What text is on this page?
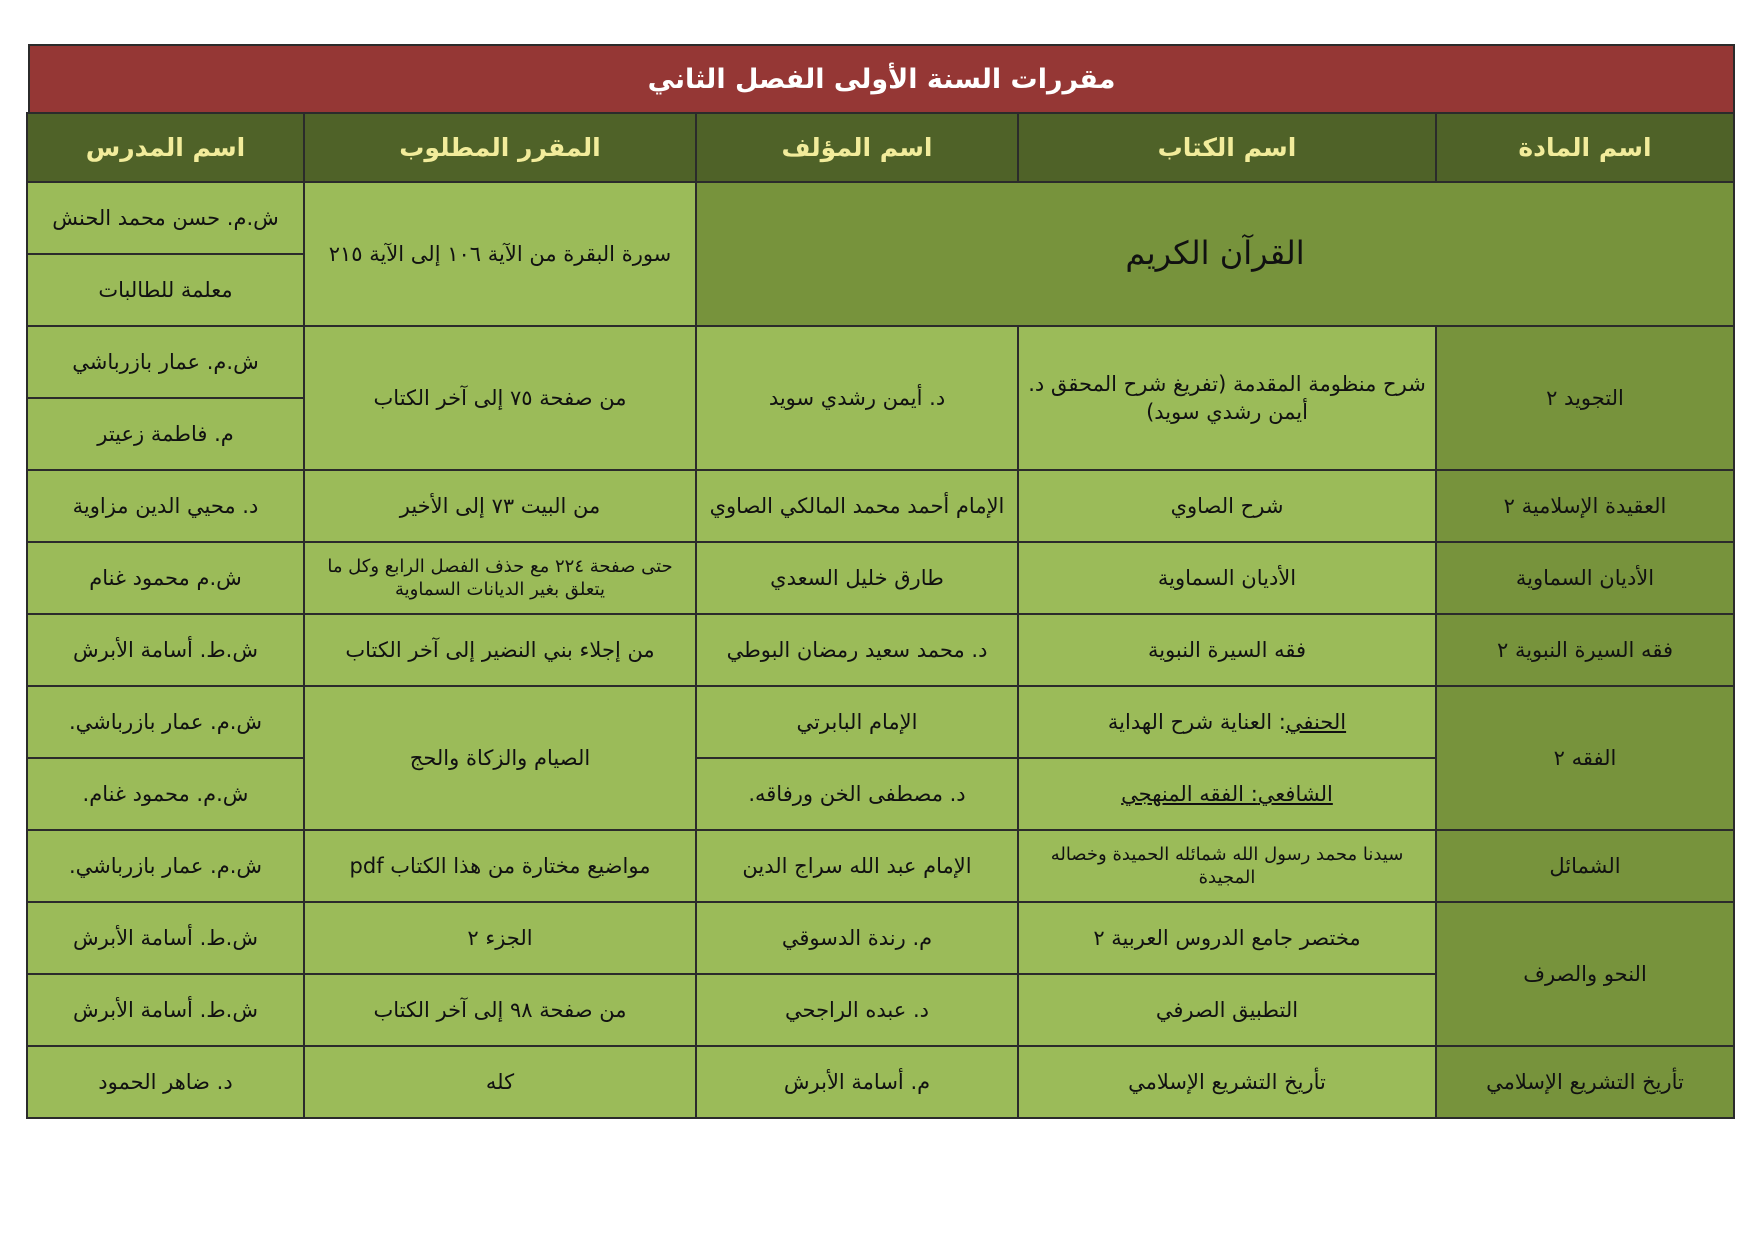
مقررات السنة الأولى الفصل الثاني
اسم المادة	اسم الكتاب	اسم المؤلف	المقرر المطلوب	اسم المدرس
القرآن الكريم			سورة البقرة من الآية ١٠٦ إلى الآية ٢١٥	ش.م. حسن محمد الحنش
				معلمة للطالبات
التجويد ٢	شرح منظومة المقدمة (تفريغ شرح المحقق د. أيمن رشدي سويد)	د. أيمن رشدي سويد	من صفحة ٧٥ إلى آخر الكتاب	ش.م. عمار بازرباشي
				م. فاطمة زعيتر
العقيدة الإسلامية ٢	شرح الصاوي	الإمام أحمد محمد المالكي الصاوي	من البيت ٧٣ إلى الأخير	د. محيي الدين مزاوية
الأديان السماوية	الأديان السماوية	طارق خليل السعدي	حتى صفحة ٢٢٤ مع حذف الفصل الرابع وكل ما يتعلق بغير الديانات السماوية	ش.م محمود غنام
فقه السيرة النبوية ٢	فقه السيرة النبوية	د. محمد سعيد رمضان البوطي	من إجلاء بني النضير إلى آخر الكتاب	ش.ط. أسامة الأبرش
الفقه ٢	الحنفي: العناية شرح الهداية	الإمام البابرتي	الصيام والزكاة والحج	ش.م. عمار بازرباشي.
	الشافعي: الفقه المنهجي	د. مصطفى الخن ورفاقه.		ش.م. محمود غنام.
الشمائل	سيدنا محمد رسول الله شمائله الحميدة وخصاله المجيدة	الإمام عبد الله سراج الدين	مواضيع مختارة من هذا الكتاب pdf	ش.م. عمار بازرباشي.
النحو والصرف	مختصر جامع الدروس العربية ٢	م. رندة الدسوقي	الجزء ٢	ش.ط. أسامة الأبرش
	التطبيق الصرفي	د. عبده الراجحي	من صفحة ٩٨ إلى آخر الكتاب	ش.ط. أسامة الأبرش
تأريخ التشريع الإسلامي	تأريخ التشريع الإسلامي	م. أسامة الأبرش	كله	د. ضاهر الحمود
